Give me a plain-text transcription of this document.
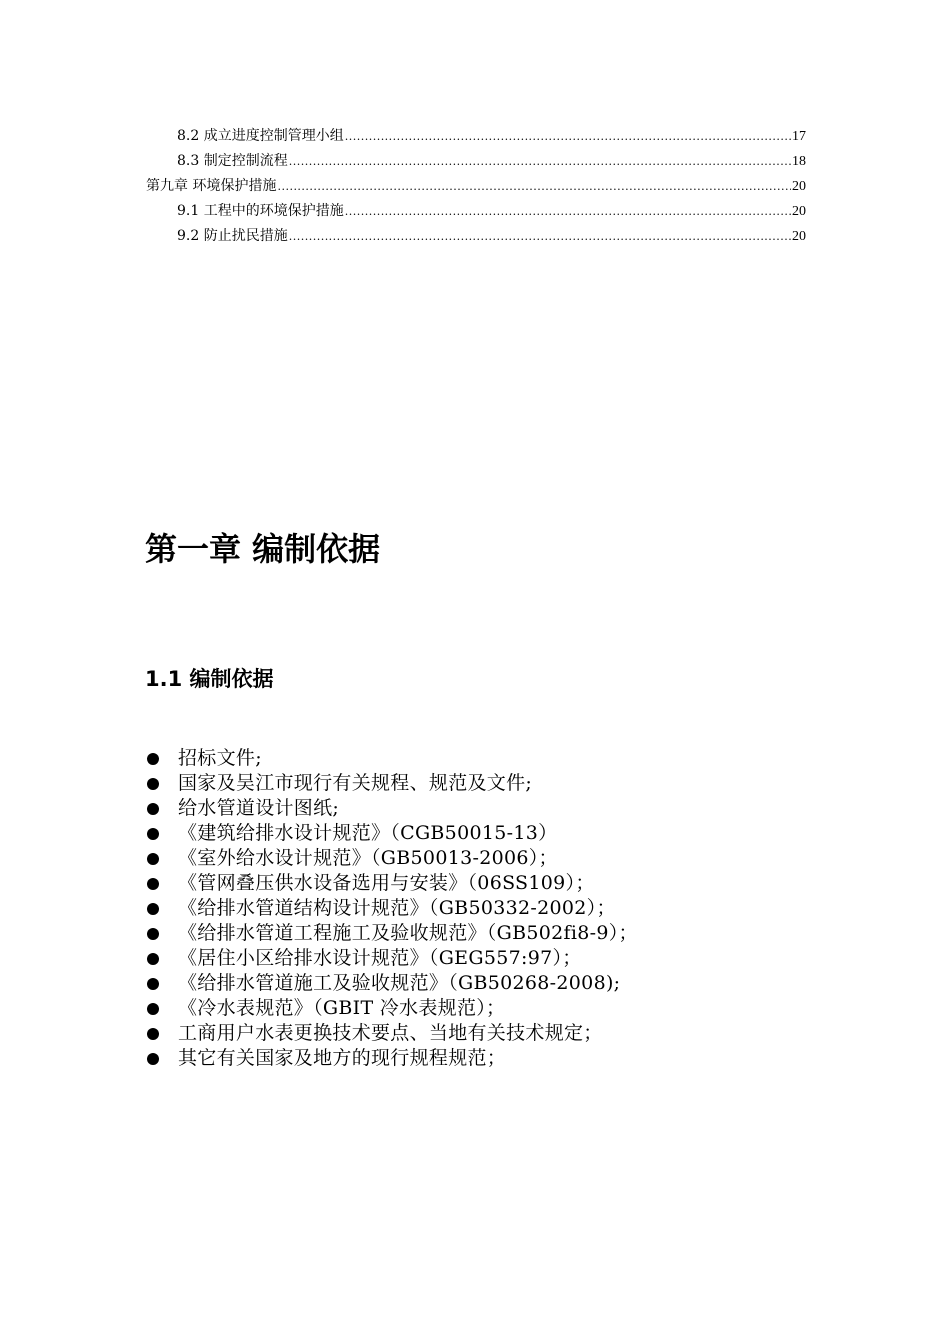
8.2 成立进度控制管理小组 .....	17
8.3 制定控制流程 .....	18
第九章 环境保护措施 .....	20
9.1 工程中的环境保护措施 .....	20
9.2 防止扰民措施 .....	20
第一章 编制依据
1.1 编制依据
招标文件;
国家及吴江市现行有关规程、规范及文件;
给水管道设计图纸;
《建筑给排水设计规范》（CGB50015-13）
《室外给水设计规范》（GB50013-2006）；
《管网叠压供水设备选用与安装》（06SS109）；
《给排水管道结构设计规范》（GB50332-2002）；
《给排水管道工程施工及验收规范》（GB502fi8-9）；
《居住小区给排水设计规范》（GEG557:97）；
《给排水管道施工及验收规范》（GB50268-2008);
《冷水表规范》（GBIT 冷水表规范）；
工商用户水表更换技术要点、当地有关技术规定；
其它有关国家及地方的现行规程规范；
